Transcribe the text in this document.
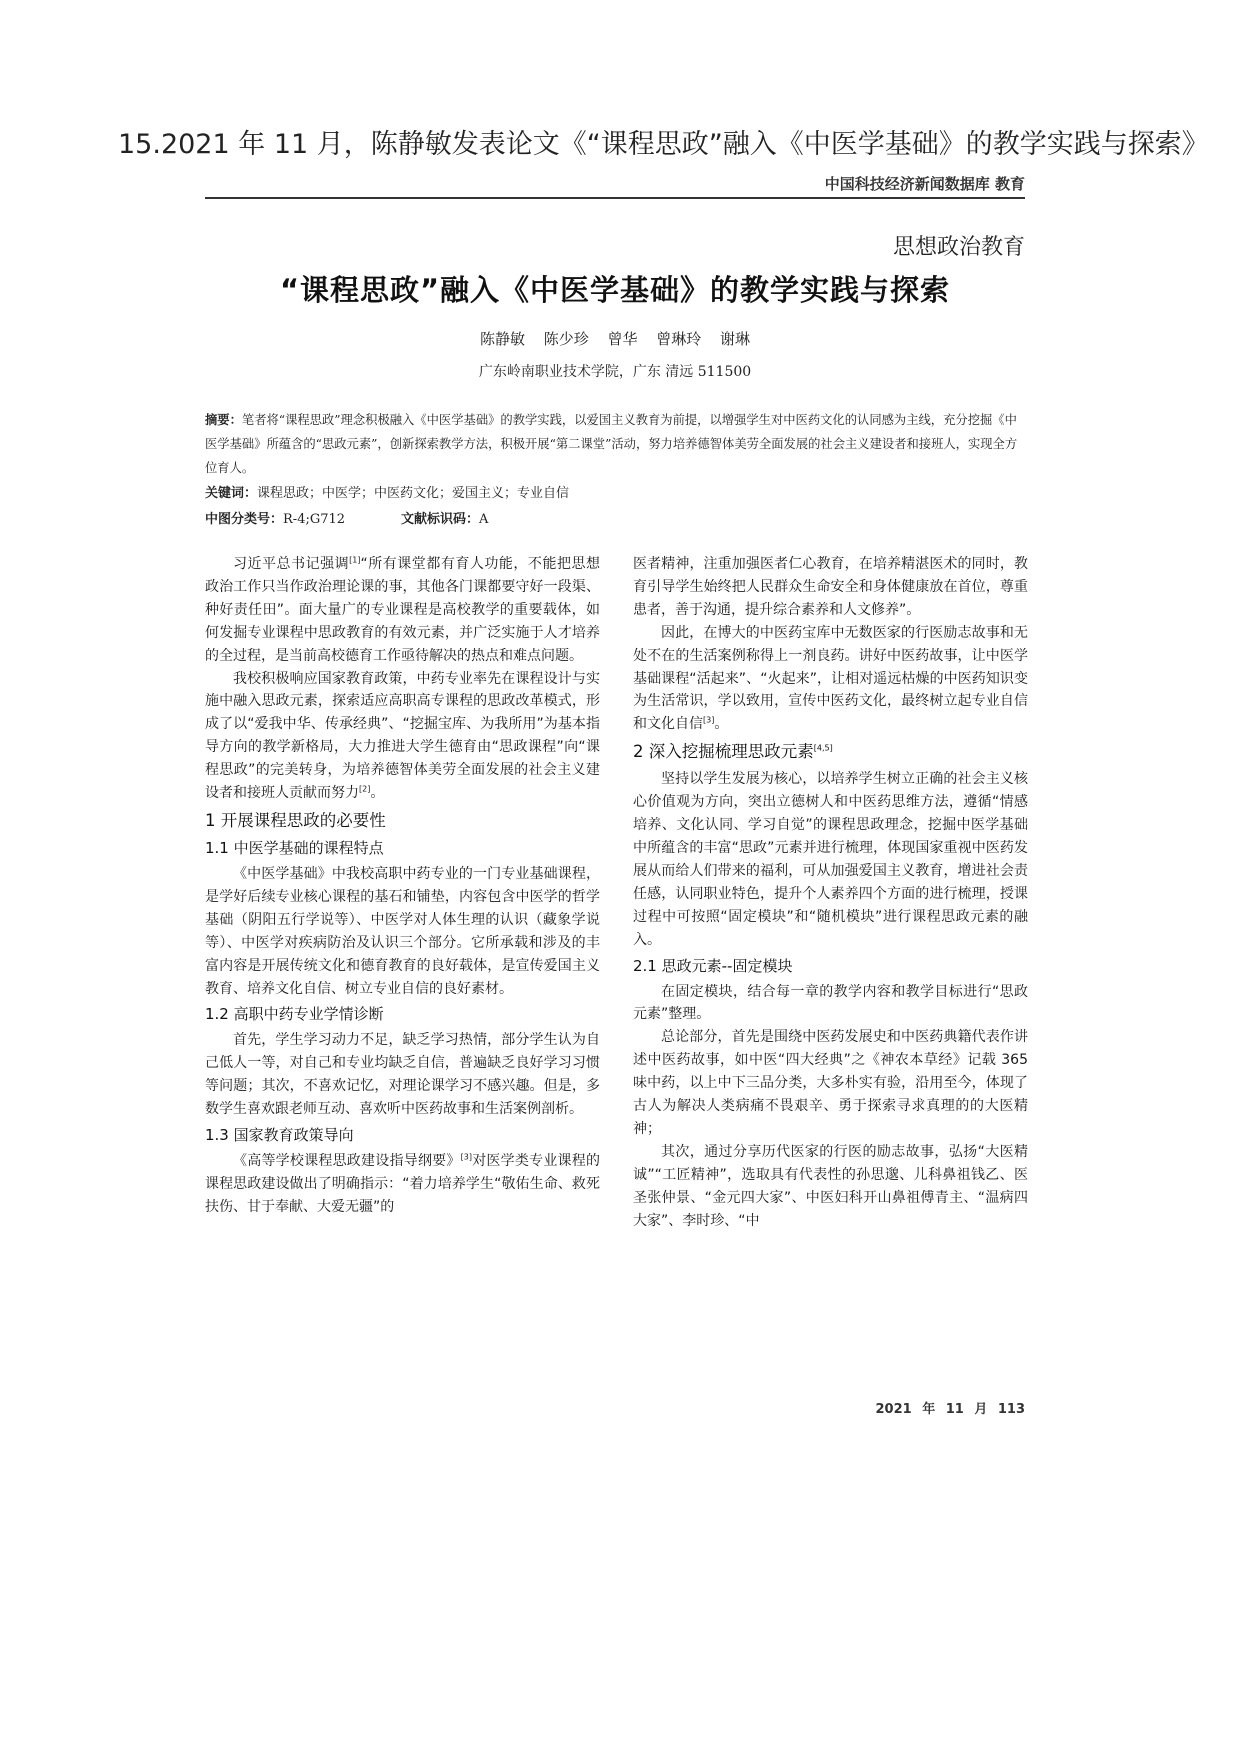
15.2021 年 11 月，陈静敏发表论文《“课程思政”融入《中医学基础》的教学实践与探索》
中国科技经济新闻数据库 教育
思想政治教育
“课程思政”融入《中医学基础》的教学实践与探索
陈静敏 陈少珍 曾华 曾琳玲 谢琳
广东岭南职业技术学院，广东 清远 511500
摘要：笔者将“课程思政”理念积极融入《中医学基础》的教学实践，以爱国主义教育为前提，以增强学生对中医药文化的认同感为主线，充分挖掘《中医学基础》所蕴含的“思政元素”，创新探索教学方法，积极开展“第二课堂”活动，努力培养德智体美劳全面发展的社会主义建设者和接班人，实现全方位育人。
关键词：课程思政；中医学；中医药文化；爱国主义；专业自信
中图分类号：R-4;G712	文献标识码：A

习近平总书记强调[1]“所有课堂都有育人功能，不能把思想政治工作只当作政治理论课的事，其他各门课都要守好一段渠、种好责任田”。面大量广的专业课程是高校教学的重要载体，如何发掘专业课程中思政教育的有效元素，并广泛实施于人才培养的全过程，是当前高校德育工作亟待解决的热点和难点问题。

我校积极响应国家教育政策，中药专业率先在课程设计与实施中融入思政元素，探索适应高职高专课程的思政改革模式，形成了以“爱我中华、传承经典”、“挖掘宝库、为我所用”为基本指导方向的教学新格局，大力推进大学生德育由“思政课程”向“课程思政”的完美转身，为培养德智体美劳全面发展的社会主义建设者和接班人贡献而努力[2]。

1 开展课程思政的必要性
1.1 中医学基础的课程特点

《中医学基础》中我校高职中药专业的一门专业基础课程，是学好后续专业核心课程的基石和铺垫，内容包含中医学的哲学基础（阴阳五行学说等）、中医学对人体生理的认识（藏象学说等）、中医学对疾病防治及认识三个部分。它所承载和涉及的丰富内容是开展传统文化和德育教育的良好载体，是宣传爱国主义教育、培养文化自信、树立专业自信的良好素材。

1.2 高职中药专业学情诊断

首先，学生学习动力不足，缺乏学习热情，部分学生认为自己低人一等，对自己和专业均缺乏自信，普遍缺乏良好学习习惯等问题；其次，不喜欢记忆，对理论课学习不感兴趣。但是，多数学生喜欢跟老师互动、喜欢听中医药故事和生活案例剖析。

1.3 国家教育政策导向

《高等学校课程思政建设指导纲要》[3]对医学类专业课程的课程思政建设做出了明确指示：“着力培养学生“敬佑生命、救死扶伤、甘于奉献、大爱无疆”的

医者精神，注重加强医者仁心教育，在培养精湛医术的同时，教育引导学生始终把人民群众生命安全和身体健康放在首位，尊重患者，善于沟通，提升综合素养和人文修养”。

因此，在博大的中医药宝库中无数医家的行医励志故事和无处不在的生活案例称得上一剂良药。讲好中医药故事，让中医学基础课程“活起来”、“火起来”，让相对遥远枯燥的中医药知识变为生活常识，学以致用，宣传中医药文化，最终树立起专业自信和文化自信[3]。

2 深入挖掘梳理思政元素[4,5]

坚持以学生发展为核心，以培养学生树立正确的社会主义核心价值观为方向，突出立德树人和中医药思维方法，遵循“情感培养、文化认同、学习自觉”的课程思政理念，挖掘中医学基础中所蕴含的丰富“思政”元素并进行梳理，体现国家重视中医药发展从而给人们带来的福利，可从加强爱国主义教育，增进社会责任感，认同职业特色，提升个人素养四个方面的进行梳理，授课过程中可按照“固定模块”和“随机模块”进行课程思政元素的融入。

2.1 思政元素--固定模块

在固定模块，结合每一章的教学内容和教学目标进行“思政元素”整理。

总论部分，首先是围绕中医药发展史和中医药典籍代表作讲述中医药故事，如中医“四大经典”之《神农本草经》记载 365 味中药，以上中下三品分类，大多朴实有验，沿用至今，体现了古人为解决人类病痛不畏艰辛、勇于探索寻求真理的的大医精神；

其次，通过分享历代医家的行医的励志故事，弘扬“大医精诚”“工匠精神”，选取具有代表性的孙思邈、儿科鼻祖钱乙、医圣张仲景、“金元四大家”、中医妇科开山鼻祖傅青主、“温病四大家”、李时珍、“中

2021 年 11 月 113
